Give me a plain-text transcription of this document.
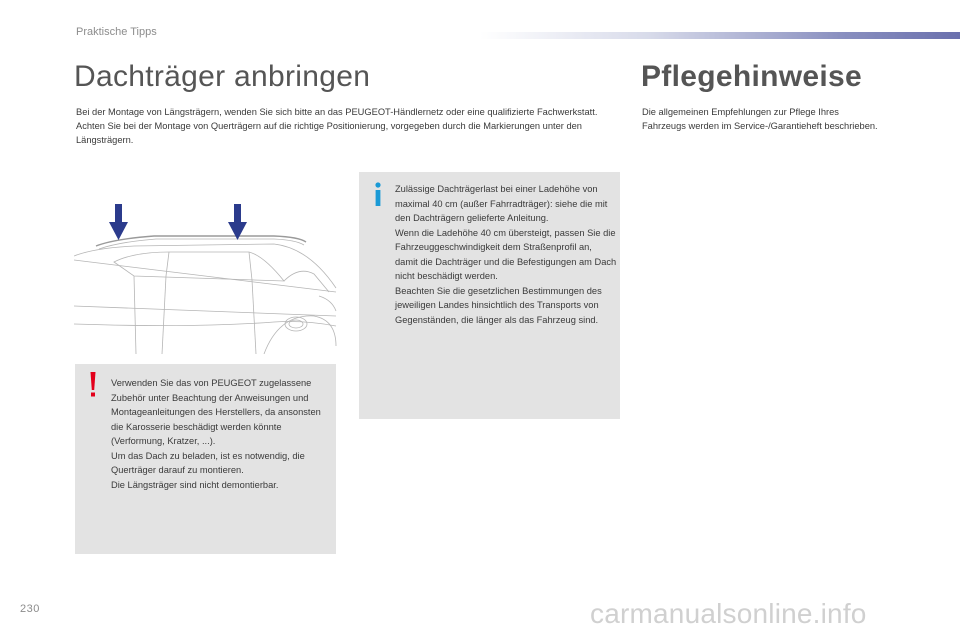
Praktische Tipps
Dachträger anbringen

Bei der Montage von Längsträgern, wenden Sie sich bitte an das PEUGEOT-Händlernetz oder eine qualifizierte Fachwerkstatt.

Achten Sie bei der Montage von Querträgern auf die richtige Positionierung, vorgegeben durch die Markierungen unter den Längsträgern.

Pflegehinweise
Die allgemeinen Empfehlungen zur Pflege Ihres Fahrzeugs werden im Service-/Garantieheft beschrieben.

Verwenden Sie das von PEUGEOT zugelassene Zubehör unter Beachtung der Anweisungen und Montageanleitungen des Herstellers, da ansonsten die Karosserie beschädigt werden könnte (Verformung, Kratzer, ...).

Um das Dach zu beladen, ist es notwendig, die Querträger darauf zu montieren.

Die Längsträger sind nicht demontierbar.

Zulässige Dachträgerlast bei einer Ladehöhe von maximal 40 cm (außer Fahrradträger): siehe die mit den Dachträgern gelieferte Anleitung.

Wenn die Ladehöhe 40 cm übersteigt, passen Sie die Fahrzeuggeschwindigkeit dem Straßenprofil an, damit die Dachträger und die Befestigungen am Dach nicht beschädigt werden.

Beachten Sie die gesetzlichen Bestimmungen des jeweiligen Landes hinsichtlich des Transports von Gegenständen, die länger als das Fahrzeug sind.

230	carmanualsonline.info
